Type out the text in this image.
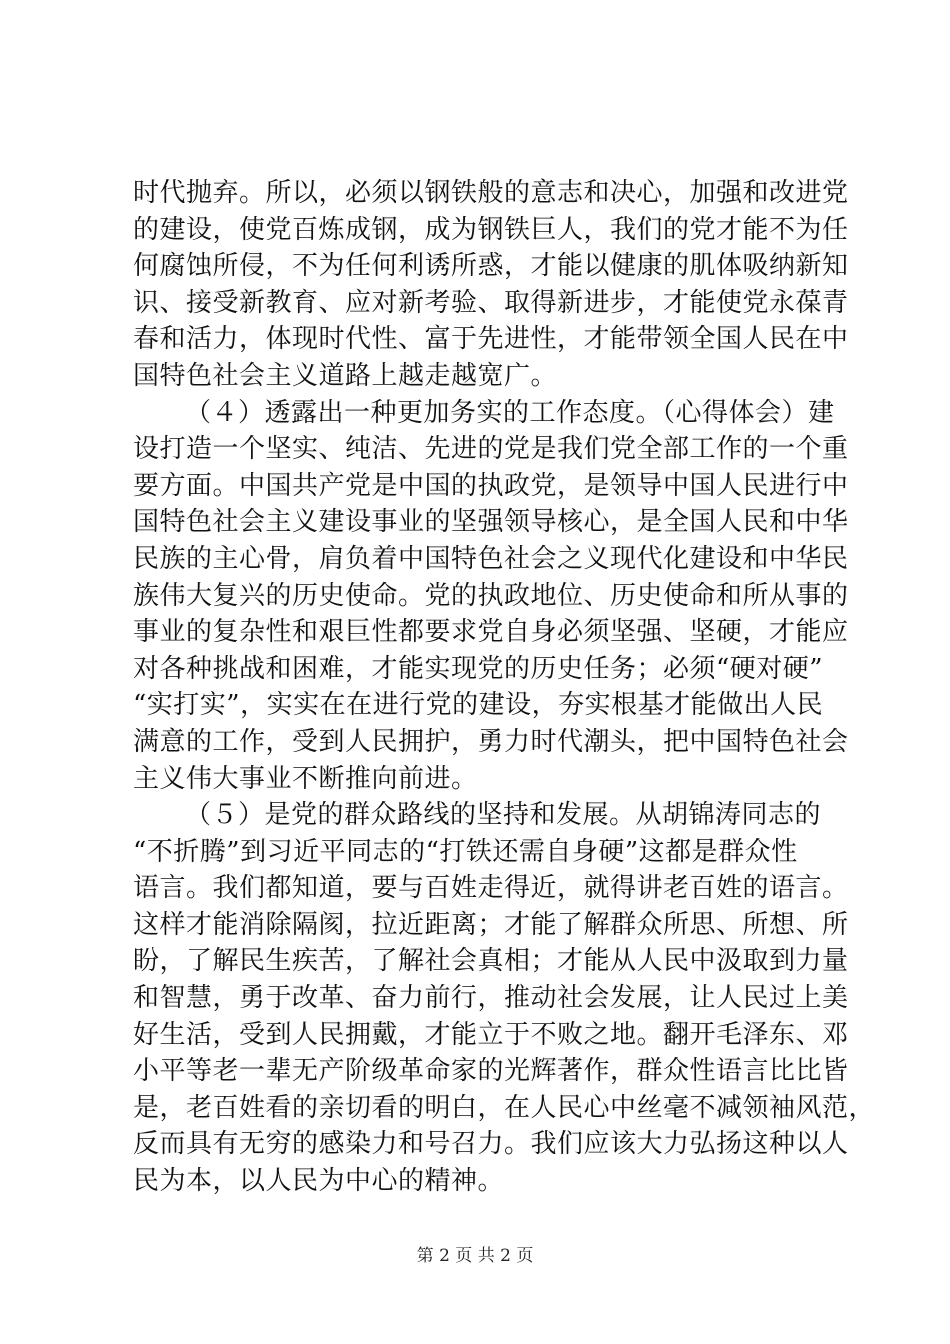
时代抛弃。所以，必须以钢铁般的意志和决心，加强和改进党
的建设，使党百炼成钢，成为钢铁巨人，我们的党才能不为任
何腐蚀所侵，不为任何利诱所惑，才能以健康的肌体吸纳新知
识、接受新教育、应对新考验、取得新进步，才能使党永葆青
春和活力，体现时代性、富于先进性，才能带领全国人民在中
国特色社会主义道路上越走越宽广。
（４）透露出一种更加务实的工作态度。（心得体会）建
设打造一个坚实、纯洁、先进的党是我们党全部工作的一个重
要方面。中国共产党是中国的执政党，是领导中国人民进行中
国特色社会主义建设事业的坚强领导核心，是全国人民和中华
民族的主心骨，肩负着中国特色社会之义现代化建设和中华民
族伟大复兴的历史使命。党的执政地位、历史使命和所从事的
事业的复杂性和艰巨性都要求党自身必须坚强、坚硬，才能应
对各种挑战和困难，才能实现党的历史任务；必须“硬对硬”
“实打实”，实实在在进行党的建设，夯实根基才能做出人民
满意的工作，受到人民拥护，勇力时代潮头，把中国特色社会
主义伟大事业不断推向前进。
（５）是党的群众路线的坚持和发展。从胡锦涛同志的
“不折腾”到习近平同志的“打铁还需自身硬”这都是群众性
语言。我们都知道，要与百姓走得近，就得讲老百姓的语言。
这样才能消除隔阂，拉近距离；才能了解群众所思、所想、所
盼，了解民生疾苦，了解社会真相；才能从人民中汲取到力量
和智慧，勇于改革、奋力前行，推动社会发展，让人民过上美
好生活，受到人民拥戴，才能立于不败之地。翻开毛泽东、邓
小平等老一辈无产阶级革命家的光辉著作，群众性语言比比皆
是，老百姓看的亲切看的明白，在人民心中丝毫不减领袖风范，
反而具有无穷的感染力和号召力。我们应该大力弘扬这种以人
民为本，以人民为中心的精神。
第 2 页 共 2 页
